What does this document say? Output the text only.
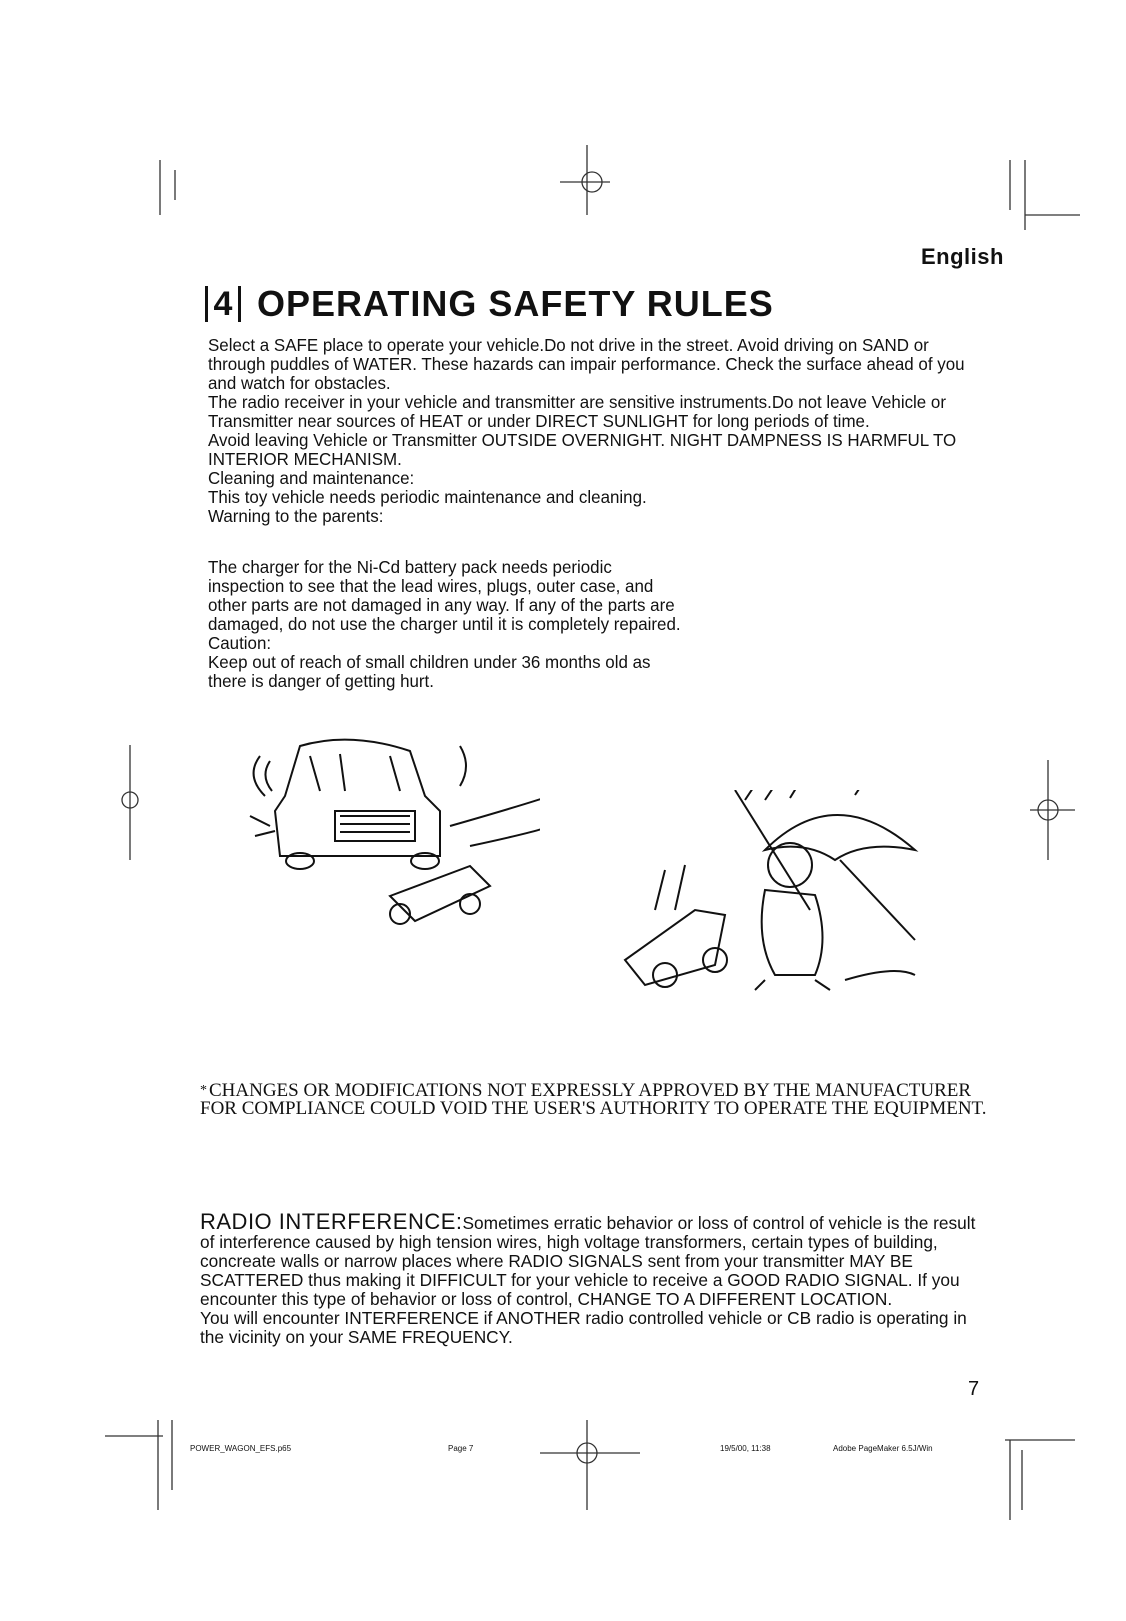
English
4 OPERATING SAFETY RULES

Select a SAFE place to operate your vehicle.Do not drive in the street. Avoid driving on SAND or through puddles of WATER. These hazards can impair performance. Check the surface ahead of you and watch for obstacles.

The radio receiver in your vehicle and transmitter are sensitive instruments.Do not leave Vehicle or Transmitter near sources of HEAT or under DIRECT SUNLIGHT for long periods of time.

Avoid leaving Vehicle or Transmitter OUTSIDE OVERNIGHT. NIGHT DAMPNESS IS HARMFUL TO INTERIOR MECHANISM.

Cleaning and maintenance:

This toy vehicle needs periodic maintenance and cleaning.

Warning to the parents:

The charger for the Ni-Cd battery pack needs periodic inspection to see that the lead wires, plugs, outer case, and other parts are not damaged in any way. If any of the parts are damaged, do not use the charger until it is completely repaired.

Caution:

Keep out of reach of small children under 36 months old as there is danger of getting hurt.

* CHANGES OR MODIFICATIONS NOT EXPRESSLY APPROVED BY THE MANUFACTURER FOR COMPLIANCE COULD VOID THE USER'S AUTHORITY TO OPERATE THE EQUIPMENT.

RADIO INTERFERENCE:Sometimes erratic behavior or loss of control of vehicle is the result of interference caused by high tension wires, high voltage transformers, certain types of building, concreate walls or narrow places where RADIO SIGNALS sent from your transmitter MAY BE SCATTERED thus making it DIFFICULT for your vehicle to receive a GOOD RADIO SIGNAL. If you encounter this type of behavior or loss of control, CHANGE TO A DIFFERENT LOCATION.

You will encounter INTERFERENCE if ANOTHER radio controlled vehicle or CB radio is operating in the vicinity on your SAME FREQUENCY.

7
POWER_WAGON_EFS.p65	Page 7	19/5/00, 11:38	Adobe PageMaker 6.5J/Win
